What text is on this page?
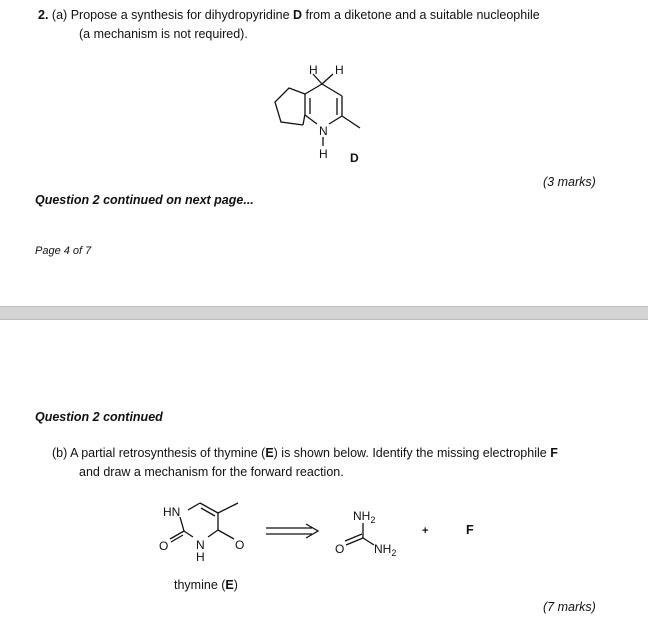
2. (a) Propose a synthesis for dihydropyridine D from a diketone and a suitable nucleophile
(a mechanism is not required).
H H
N
H D
(3 marks)
Question 2 continued on next page...
Page 4 of 7
Question 2 continued
(b) A partial retrosynthesis of thymine (E) is shown below. Identify the missing electrophile F
and draw a mechanism for the forward reaction.
HN
O N
H
O
$NH_2$
O $NH_2$
+	F
thymine (E)
(7 marks)
